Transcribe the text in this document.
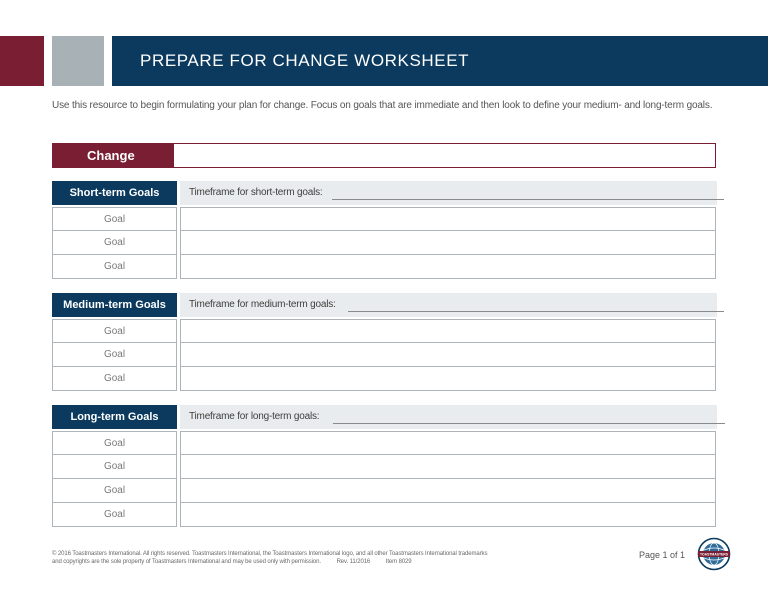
PREPARE FOR CHANGE WORKSHEET
Use this resource to begin formulating your plan for change. Focus on goals that are immediate and then look to define your medium- and long-term goals.
Change
Short-term Goals	Timeframe for short-term goals:
Goal
Goal
Goal
Medium-term Goals	Timeframe for medium-term goals:
Goal
Goal
Goal
Long-term Goals	Timeframe for long-term goals:
Goal
Goal
Goal
Goal
© 2016 Toastmasters International. All rights reserved. Toastmasters International, the Toastmasters International logo, and all other Toastmasters International trademarks
and copyrights are the sole property of Toastmasters International and may be used only with permission.	Rev. 11/2016	Item 8029
Page 1 of 1	TOASTMASTERS
